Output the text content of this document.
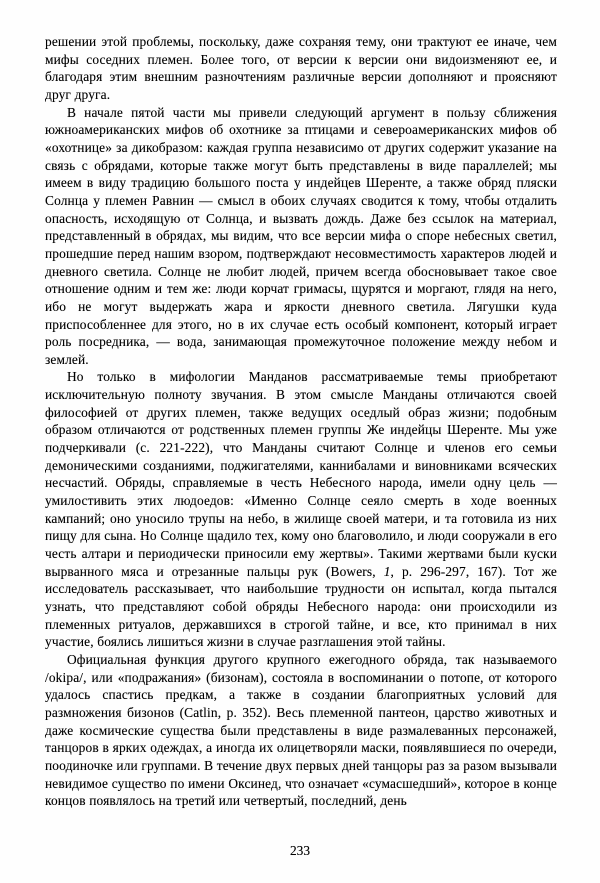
решении этой проблемы, поскольку, даже сохраняя тему, они трактуют ее иначе, чем мифы соседних племен. Более того, от версии к версии они видоизменяют ее, и благодаря этим внешним разночтениям различные версии дополняют и проясняют друг друга.

В начале пятой части мы привели следующий аргумент в пользу сближения южноамериканских мифов об охотнике за птицами и североамериканских мифов об «охотнице» за дикобразом: каждая группа независимо от других содержит указание на связь с обрядами, которые также могут быть представлены в виде параллелей; мы имеем в виду традицию большого поста у индейцев Шеренте, а также обряд пляски Солнца у племен Равнин — смысл в обоих случаях сводится к тому, чтобы отдалить опасность, исходящую от Солнца, и вызвать дождь. Даже без ссылок на материал, представленный в обрядах, мы видим, что все версии мифа о споре небесных светил, прошедшие перед нашим взором, подтверждают несовместимость характеров людей и дневного светила. Солнце не любит людей, причем всегда обосновывает такое свое отношение одним и тем же: люди корчат гримасы, щурятся и моргают, глядя на него, ибо не могут выдержать жара и яркости дневного светила. Лягушки куда приспособленнее для этого, но в их случае есть особый компонент, который играет роль посредника, — вода, занимающая промежуточное положение между небом и землей.

Но только в мифологии Манданов рассматриваемые темы приобретают исключительную полноту звучания. В этом смысле Манданы отличаются своей философией от других племен, также ведущих оседлый образ жизни; подобным образом отличаются от родственных племен группы Же индейцы Шеренте. Мы уже подчеркивали (с. 221-222), что Манданы считают Солнце и членов его семьи демоническими созданиями, поджигателями, каннибалами и виновниками всяческих несчастий. Обряды, справляемые в честь Небесного народа, имели одну цель — умилостивить этих людоедов: «Именно Солнце сеяло смерть в ходе военных кампаний; оно уносило трупы на небо, в жилище своей матери, и та готовила из них пищу для сына. Но Солнце щадило тех, кому оно благоволило, и люди сооружали в его честь алтари и периодически приносили ему жертвы». Такими жертвами были куски вырванного мяса и отрезанные пальцы рук (Bowers, 1, p. 296-297, 167). Тот же исследователь рассказывает, что наибольшие трудности он испытал, когда пытался узнать, что представляют собой обряды Небесного народа: они происходили из племенных ритуалов, державшихся в строгой тайне, и все, кто принимал в них участие, боялись лишиться жизни в случае разглашения этой тайны.

Официальная функция другого крупного ежегодного обряда, так называемого /okipa/, или «подражания» (бизонам), состояла в воспоминании о потопе, от которого удалось спастись предкам, а также в создании благоприятных условий для размножения бизонов (Catlin, p. 352). Весь племенной пантеон, царство животных и даже космические существа были представлены в виде размалеванных персонажей, танцоров в ярких одеждах, а иногда их олицетворяли маски, появлявшиеся по очереди, поодиночке или группами. В течение двух первых дней танцоры раз за разом вызывали невидимое существо по имени Оксинед, что означает «сумасшедший», которое в конце концов появлялось на третий или четвертый, последний, день

233
